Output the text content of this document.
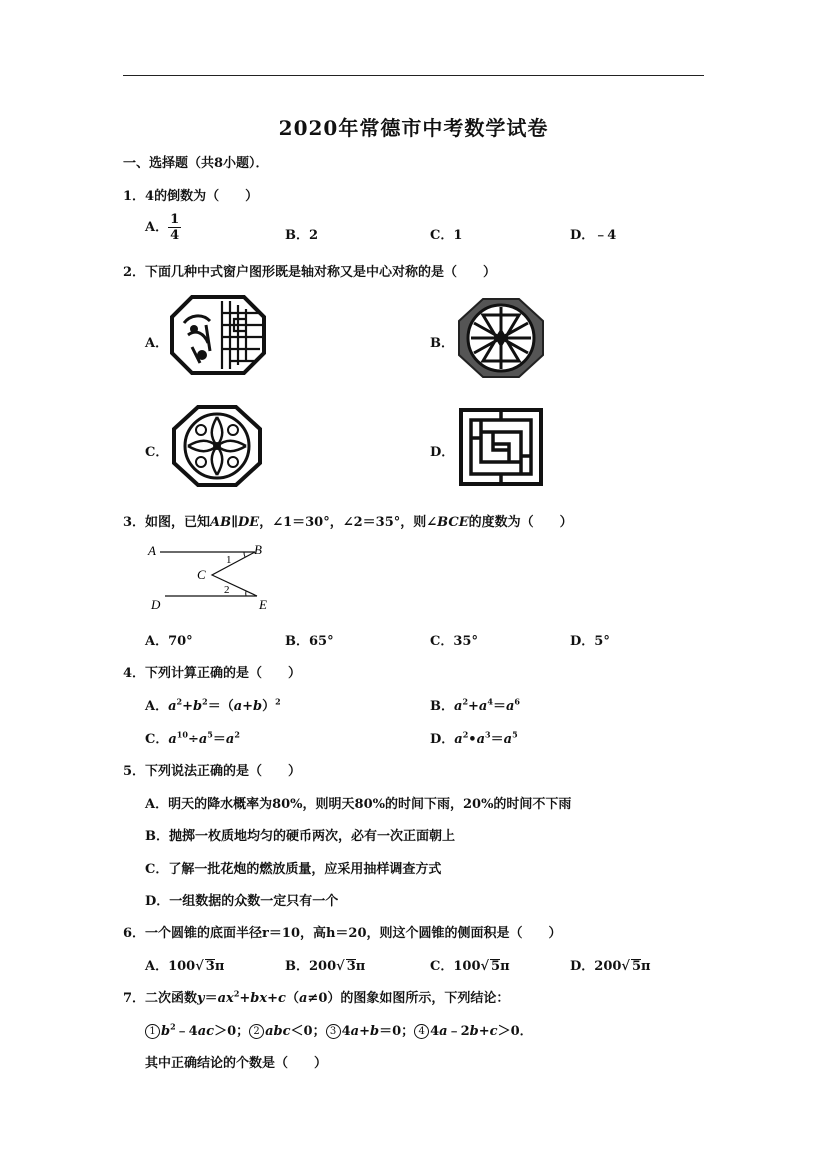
2020年常德市中考数学试卷
一、选择题（共8小题）．
1．4的倒数为（　　）
A． $\frac{1}{4}$	B．2	C．1	D．﹣4
2．下面几种中式窗户图形既是轴对称又是中心对称的是（　　）
A．	B．
C．	D．
3．如图，已知AB∥DE，∠1＝30°，∠2＝35°，则∠BCE的度数为（　　）
A	B
C
D	E
1
2
A．70°	B．65°	C．35°	D．5°
4．下列计算正确的是（　　）
A．$a^2+b^2=(a+b)^2$	B．$a^2+a^4=a^6$
C．$a^{10}\div a^5=a^2$	D．$a^2•a^3=a^5$
5．下列说法正确的是（　　）
A．明天的降水概率为80%，则明天80%的时间下雨，20%的时间不下雨
B．抛掷一枚质地均匀的硬币两次，必有一次正面朝上
C．了解一批花炮的燃放质量，应采用抽样调查方式
D．一组数据的众数一定只有一个
6．一个圆锥的底面半径r＝10，高h＝20，则这个圆锥的侧面积是（　　）
A．100√ 3π	B．200√ 3π	C．100√ 5π	D．200√ 5π
7．二次函数$y=ax^2+bx+c(a\ne 0)$的图象如图所示，下列结论：
1 $b^2﹣4ac>0$； 2 abc＜0； 3 4a+b＝0； 4 4a﹣2b+c＞0．
其中正确结论的个数是（　　）
